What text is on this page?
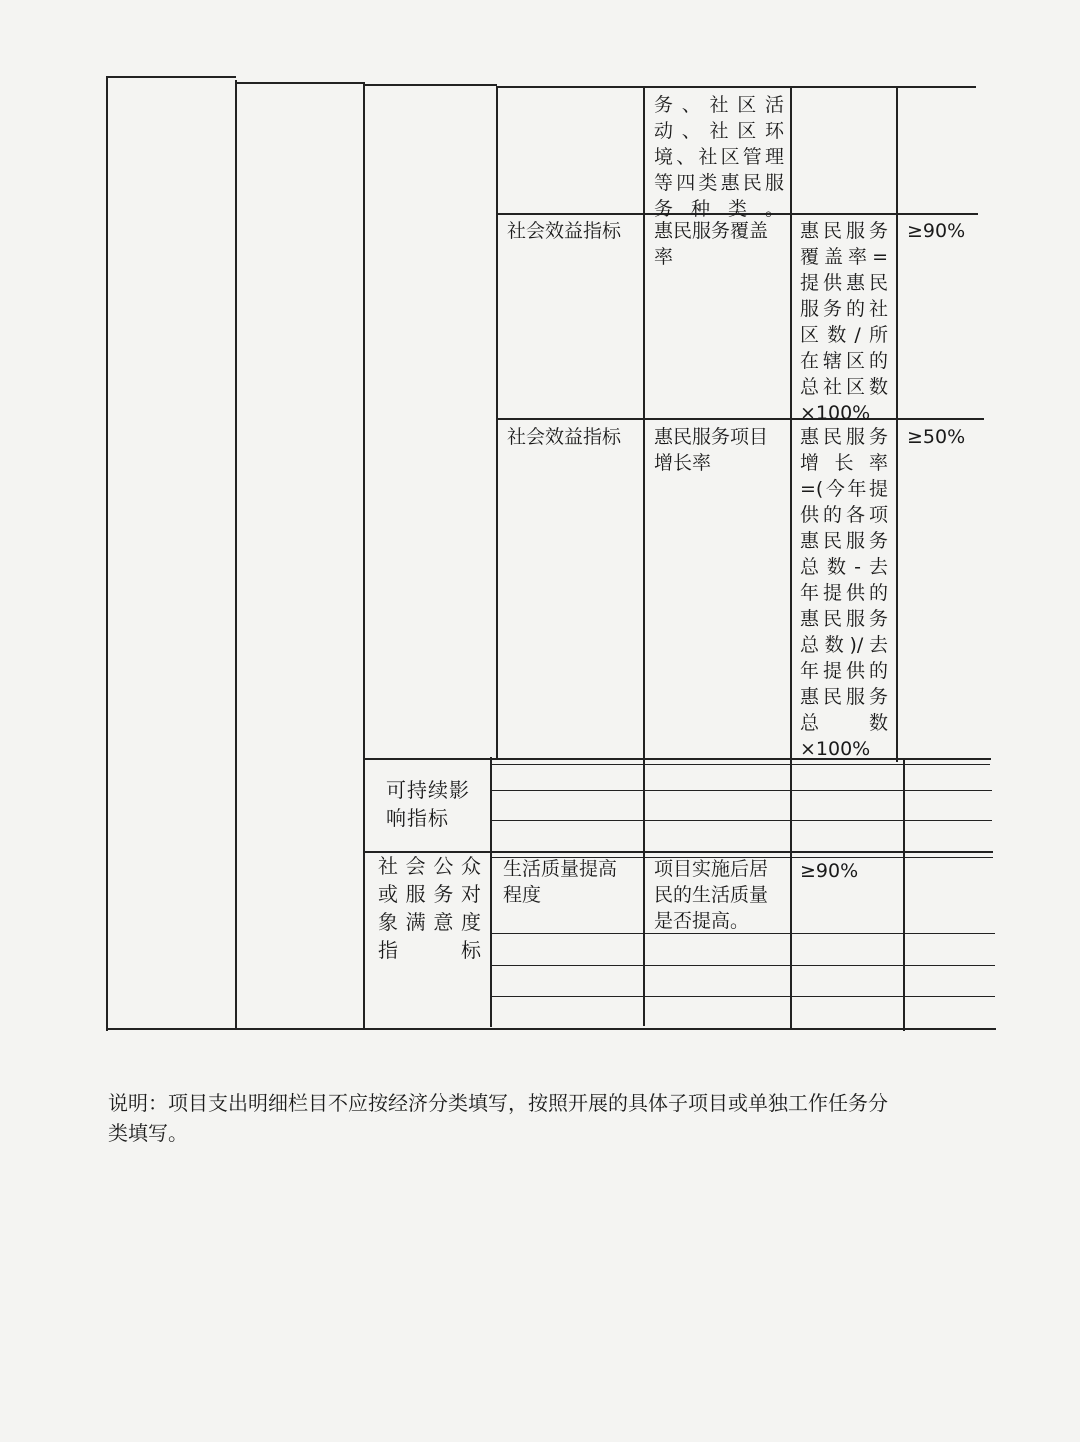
务、社区活
动、社区环
境、社区管理
等四类惠民服
务种类。
社会效益指标	惠民服务覆盖
率
惠民服务
覆盖率=
提供惠民
服务的社
区数/所
在辖区的
总社区数
×100%
≥90%
社会效益指标	惠民服务项目
增长率
惠民服务
增长率
=(今年提
供的各项
惠民服务
总数-去
年提供的
惠民服务
总数)/去
年提供的
惠民服务
总数
×100%
≥50%
可持续影
响指标
社会公众
或服务对
象满意度
指标
生活质量提高
程度
项目实施后居
民的生活质量
是否提高。
≥90%
说明：项目支出明细栏目不应按经济分类填写，按照开展的具体子项目或单独工作任务分
类填写。
